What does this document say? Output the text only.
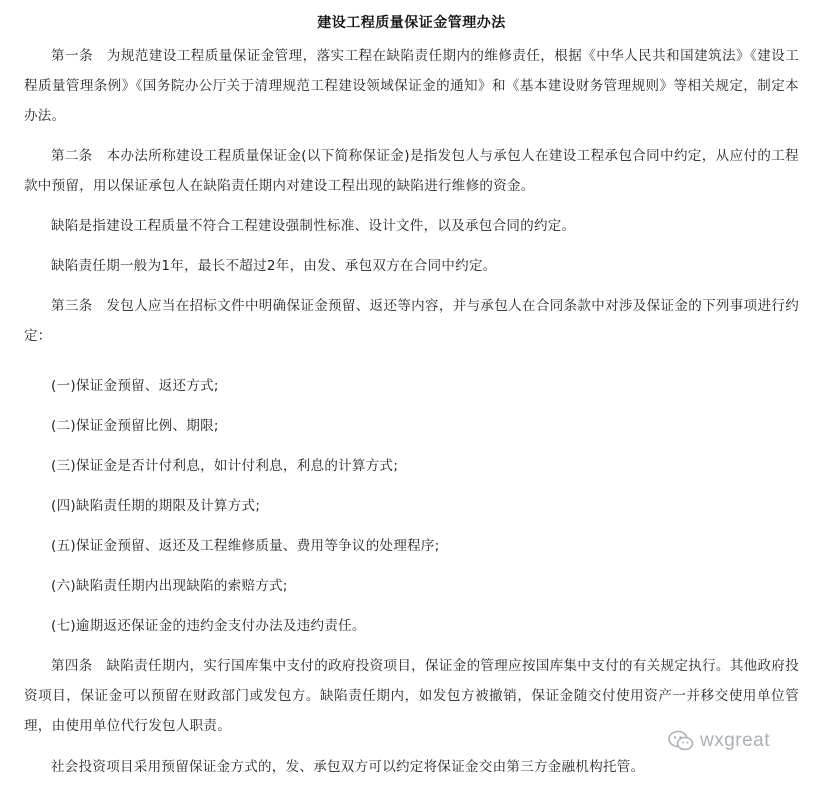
建设工程质量保证金管理办法

第一条　为规范建设工程质量保证金管理，落实工程在缺陷责任期内的维修责任，根据《中华人民共和国建筑法》《建设工程质量管理条例》《国务院办公厅关于清理规范工程建设领域保证金的通知》和《基本建设财务管理规则》等相关规定，制定本办法。

第二条　本办法所称建设工程质量保证金(以下简称保证金)是指发包人与承包人在建设工程承包合同中约定，从应付的工程款中预留，用以保证承包人在缺陷责任期内对建设工程出现的缺陷进行维修的资金。

缺陷是指建设工程质量不符合工程建设强制性标准、设计文件，以及承包合同的约定。

缺陷责任期一般为1年，最长不超过2年，由发、承包双方在合同中约定。

第三条　发包人应当在招标文件中明确保证金预留、返还等内容，并与承包人在合同条款中对涉及保证金的下列事项进行约定：

(一)保证金预留、返还方式;

(二)保证金预留比例、期限;

(三)保证金是否计付利息，如计付利息，利息的计算方式;

(四)缺陷责任期的期限及计算方式;

(五)保证金预留、返还及工程维修质量、费用等争议的处理程序;

(六)缺陷责任期内出现缺陷的索赔方式;

(七)逾期返还保证金的违约金支付办法及违约责任。

第四条　缺陷责任期内，实行国库集中支付的政府投资项目，保证金的管理应按国库集中支付的有关规定执行。其他政府投资项目，保证金可以预留在财政部门或发包方。缺陷责任期内，如发包方被撤销，保证金随交付使用资产一并移交使用单位管理，由使用单位代行发包人职责。

社会投资项目采用预留保证金方式的，发、承包双方可以约定将保证金交由第三方金融机构托管。

wxgreat
